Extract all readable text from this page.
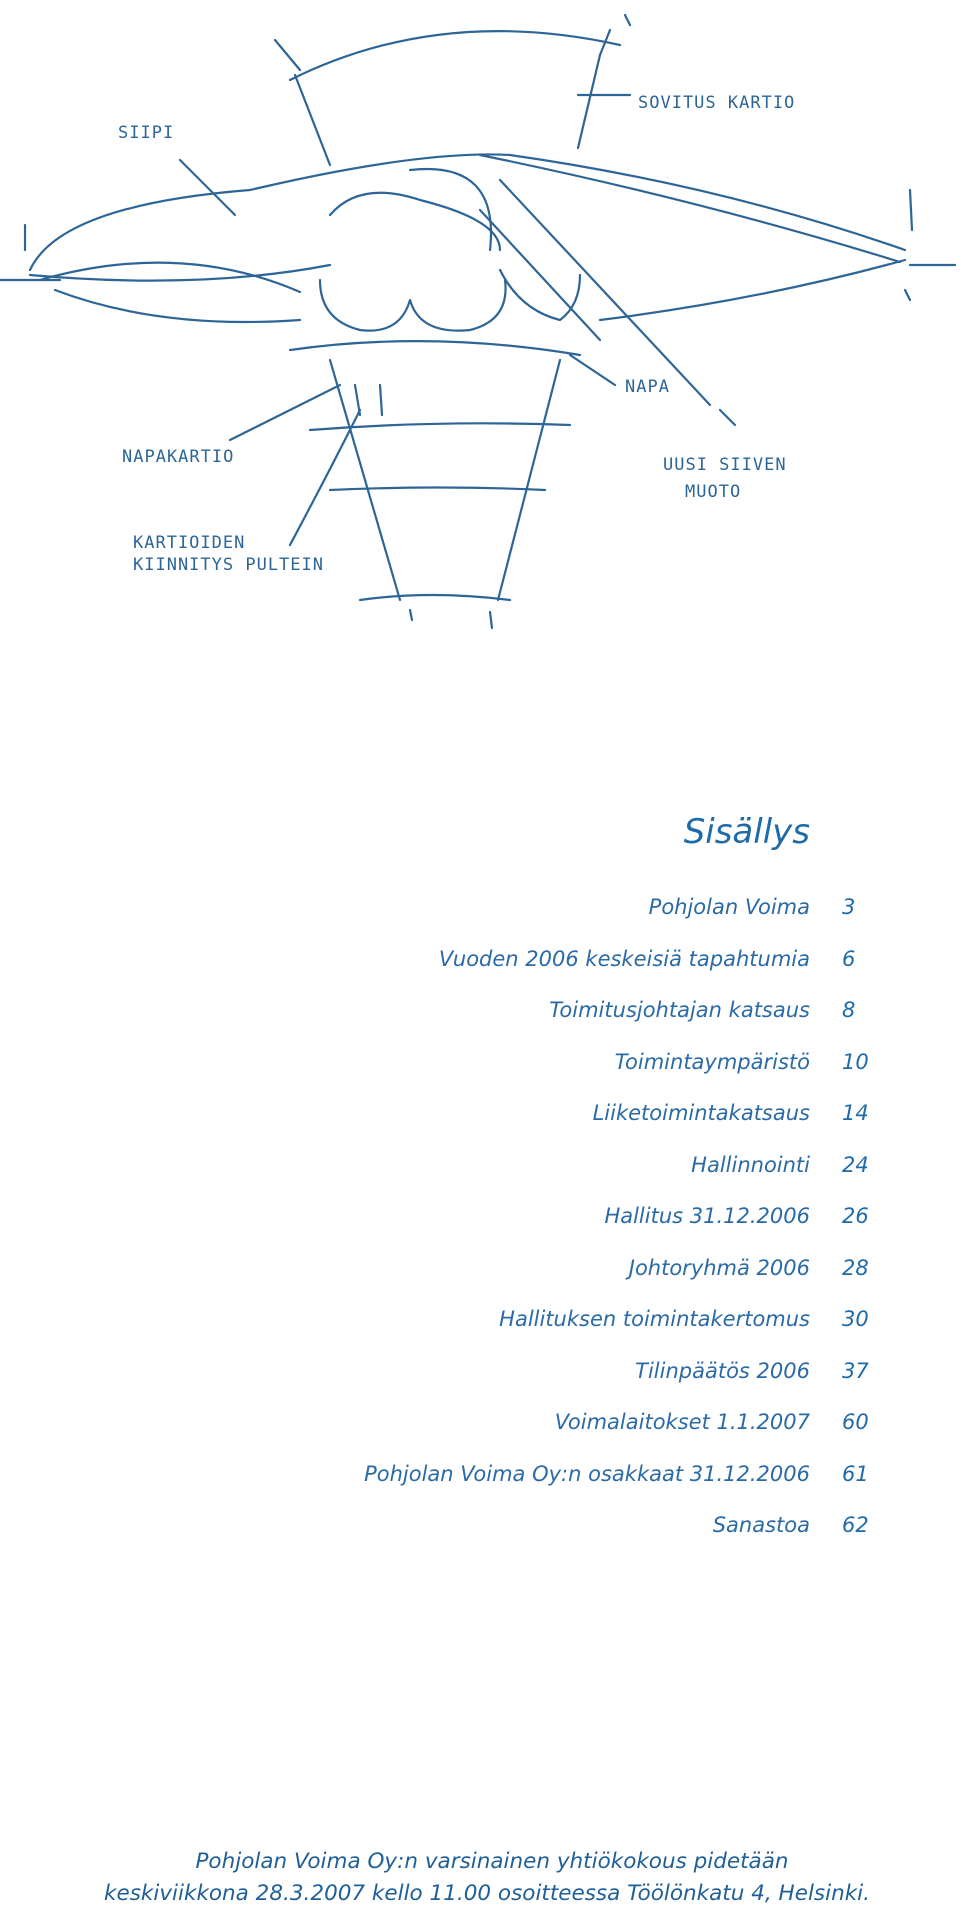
SIIPI
SOVITUS KARTIO
NAPA
NAPAKARTIO	UUSI SIIVEN
MUOTO
KARTIOIDEN
KIINNITYS PULTEIN
Sisällys
Pohjolan Voima 3
Vuoden 2006 keskeisiä tapahtumia 6
Toimitusjohtajan katsaus 8
Toimintaympäristö 10
Liiketoimintakatsaus 14
Hallinnointi 24
Hallitus 31.12.2006 26
Johtoryhmä 2006 28
Hallituksen toimintakertomus 30
Tilinpäätös 2006 37
Voimalaitokset 1.1.2007 60
Pohjolan Voima Oy:n osakkaat 31.12.2006 61
Sanastoa 62

Pohjolan Voima Oy:n varsinainen yhtiökokous pidetään

keskiviikkona 28.3.2007 kello 11.00 osoitteessa Töölönkatu 4, Helsinki.
